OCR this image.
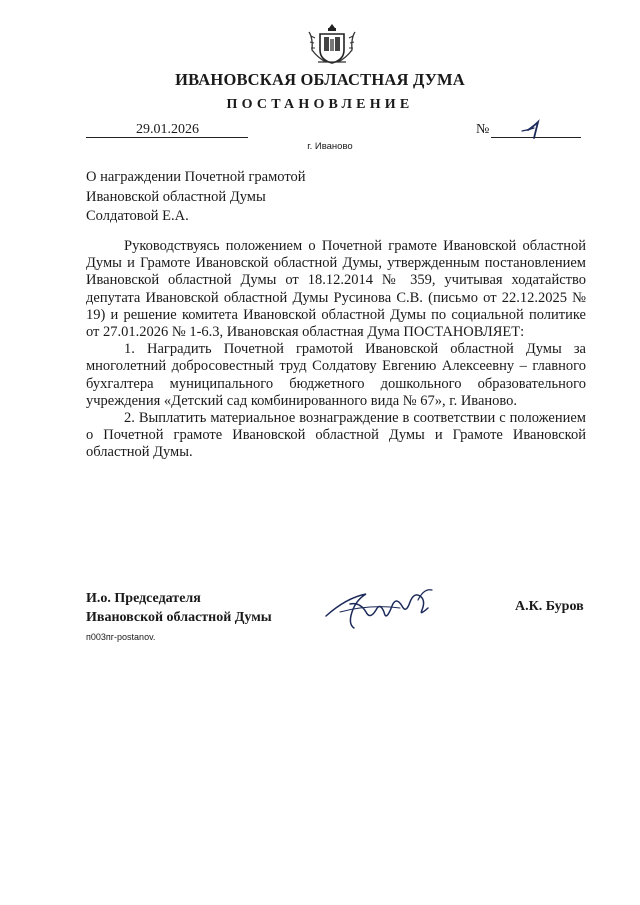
ИВАНОВСКАЯ ОБЛАСТНАЯ ДУМА
ПОСТАНОВЛЕНИЕ
29.01.2026	№
г. Иваново
О награждении Почетной грамотой
Ивановской областной Думы
Солдатовой Е.А.

Руководствуясь положением о Почетной грамоте Ивановской областной Думы и Грамоте Ивановской областной Думы, утвержденным постановлением Ивановской областной Думы от 18.12.2014 № 359, учитывая ходатайство депутата Ивановской областной Думы Русинова С.В. (письмо от 22.12.2025 № 19) и решение комитета Ивановской областной Думы по социальной политике от 27.01.2026 № 1-6.3, Ивановская областная Дума ПОСТАНОВЛЯЕТ:

1. Наградить Почетной грамотой Ивановской областной Думы за многолетний добросовестный труд Солдатову Евгению Алексеевну – главного бухгалтера муниципального бюджетного дошкольного образовательного учреждения «Детский сад комбинированного вида № 67», г. Иваново.

2. Выплатить материальное вознаграждение в соответствии с положением о Почетной грамоте Ивановской областной Думы и Грамоте Ивановской областной Думы.

И.о. Председателя
Ивановской областной Думы
А.К. Буров
п003пг-postanov.
